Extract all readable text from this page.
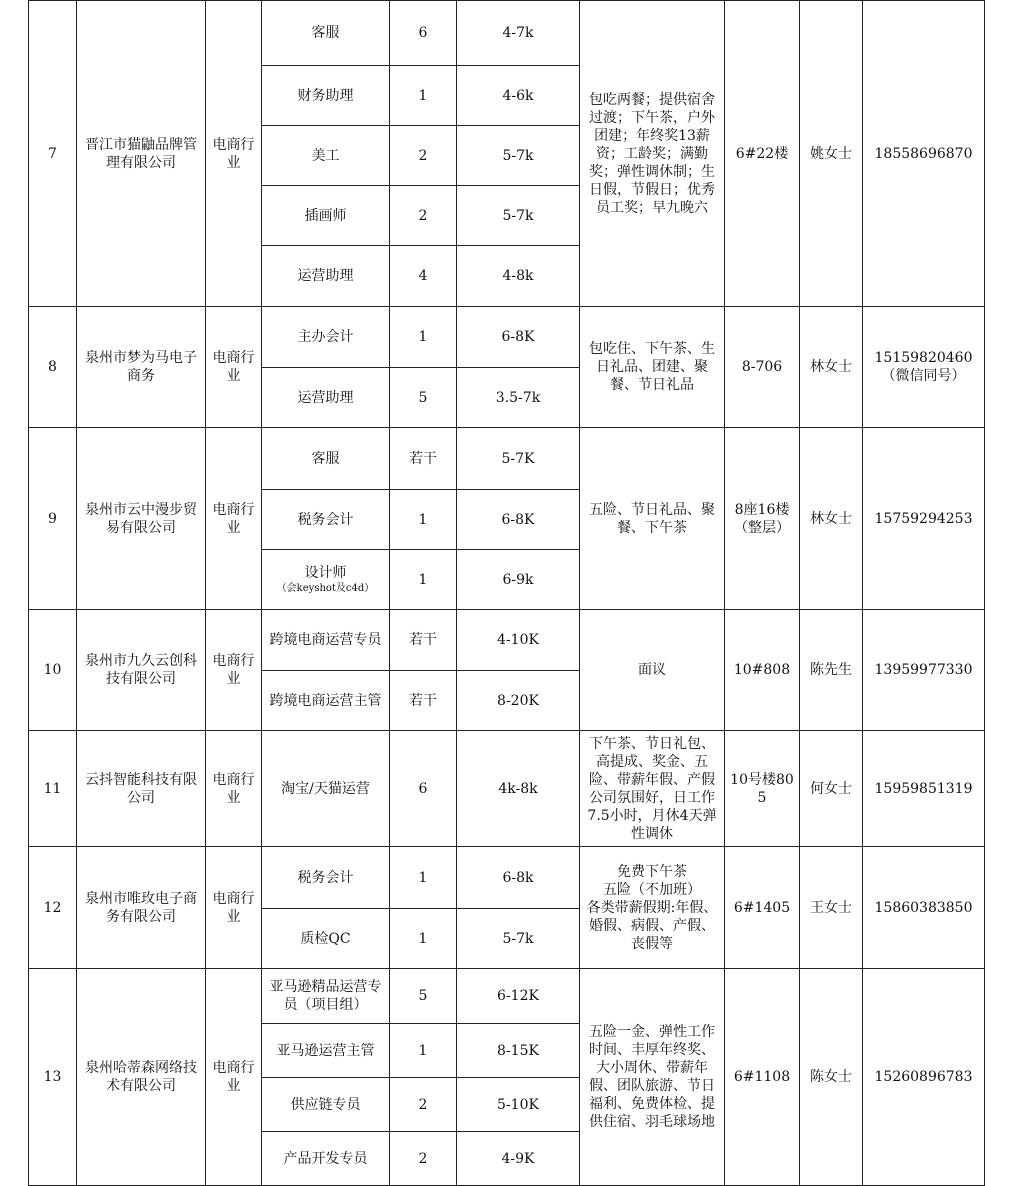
7	晋江市猫鼬品牌管理有限公司	电商行业	客服	6	4-7k	包吃两餐；提供宿舍过渡；下午茶，户外团建；年终奖13薪资；工龄奖；满勤奖；弹性调休制；生日假，节假日；优秀员工奖；早九晚六	6#22楼	姚女士	18558696870

			财务助理	1	4-6k				

			美工	2	5-7k				

			插画师	2	5-7k				

			运营助理	4	4-8k				
8	泉州市梦为马电子商务	电商行业	主办会计	1	6-8K	包吃住、下午茶、生日礼品、团建、聚餐、节日礼品	8-706	林女士	15159820460（微信同号）

			运营助理	5	3.5-7k				
9	泉州市云中漫步贸易有限公司	电商行业	客服	若干	5-7K	五险、节日礼品、聚餐、下午茶	8座16楼（整层）	林女士	15759294253

			税务会计	1	6-8K				

			设计师
（会keyshot及c4d）	1	6-9k				
10	泉州市九久云创科技有限公司	电商行业	跨境电商运营专员	若干	4-10K	面议	10#808	陈先生	13959977330

			跨境电商运营主管	若干	8-20K				
11	云抖智能科技有限公司	电商行业	淘宝/天猫运营	6	4k-8k	下午茶、节日礼包、高提成、奖金、五险、带薪年假、产假公司氛围好，日工作7.5小时，月休4天弹性调休	10号楼805	何女士	15959851319
12	泉州市唯玫电子商务有限公司	电商行业	税务会计	1	6-8k	免费下午茶
五险（不加班）
各类带薪假期:年假、婚假、病假、产假、丧假等	6#1405	王女士	15860383850

			质检QC	1	5-7k				
13	泉州哈蒂森网络技术有限公司	电商行业	亚马逊精品运营专员（项目组）	5	6-12K	五险一金、弹性工作时间、丰厚年终奖、大小周休、带薪年假、团队旅游、节日福利、免费体检、提供住宿、羽毛球场地	6#1108	陈女士	15260896783

			亚马逊运营主管	1	8-15K				

			供应链专员	2	5-10K				

			产品开发专员	2	4-9K				
